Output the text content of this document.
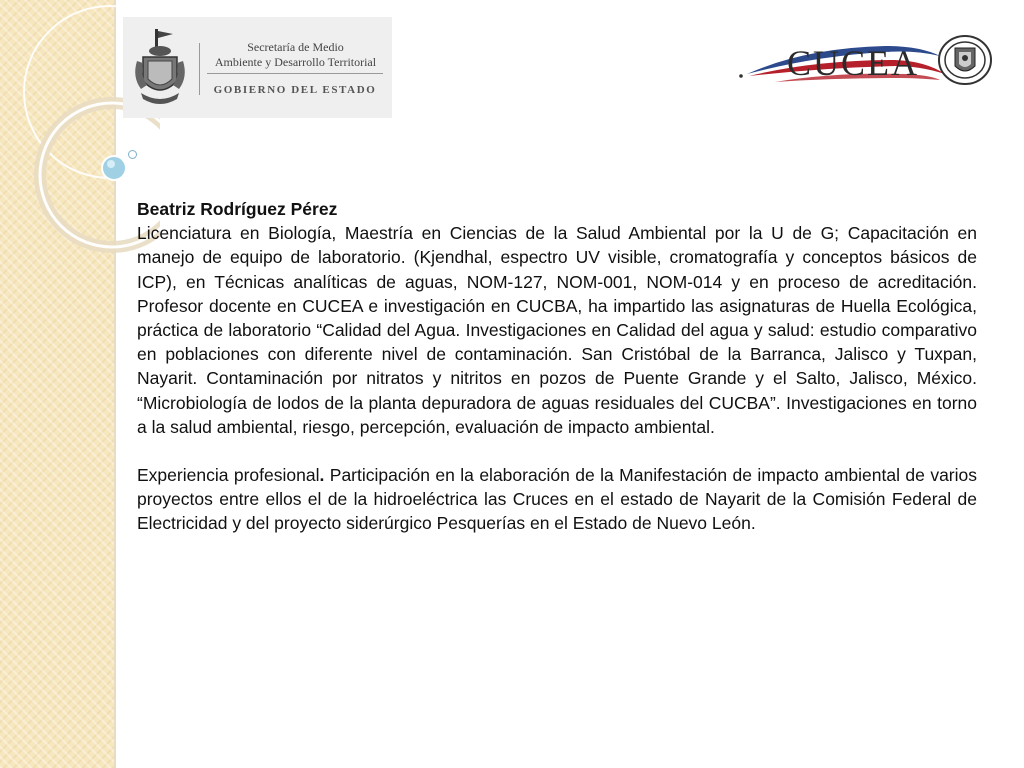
Secretaría de Medio
Ambiente y Desarrollo Territorial
GOBIERNO DEL ESTADO
CUCEA

Beatriz Rodríguez Pérez

Licenciatura en Biología, Maestría en Ciencias de la Salud Ambiental por la U de G; Capacitación en manejo de equipo de laboratorio. (Kjendhal, espectro UV visible, cromatografía y conceptos básicos de ICP), en Técnicas analíticas de aguas, NOM-127, NOM-001, NOM-014 y en proceso de acreditación. Profesor docente en CUCEA e investigación en CUCBA, ha impartido las asignaturas de Huella Ecológica, práctica de laboratorio “Calidad del Agua. Investigaciones en Calidad del agua y salud: estudio comparativo en poblaciones con diferente nivel de contaminación. San Cristóbal de la Barranca, Jalisco y Tuxpan, Nayarit. Contaminación por nitratos y nitritos en pozos de Puente Grande y el Salto, Jalisco, México. “Microbiología de lodos de la planta depuradora de aguas residuales del CUCBA”. Investigaciones en torno a la salud ambiental, riesgo, percepción, evaluación de impacto ambiental.

Experiencia profesional. Participación en la elaboración de la Manifestación de impacto ambiental de varios proyectos entre ellos el de la hidroeléctrica las Cruces en el estado de Nayarit de la Comisión Federal de Electricidad y del proyecto siderúrgico Pesquerías en el Estado de Nuevo León.
